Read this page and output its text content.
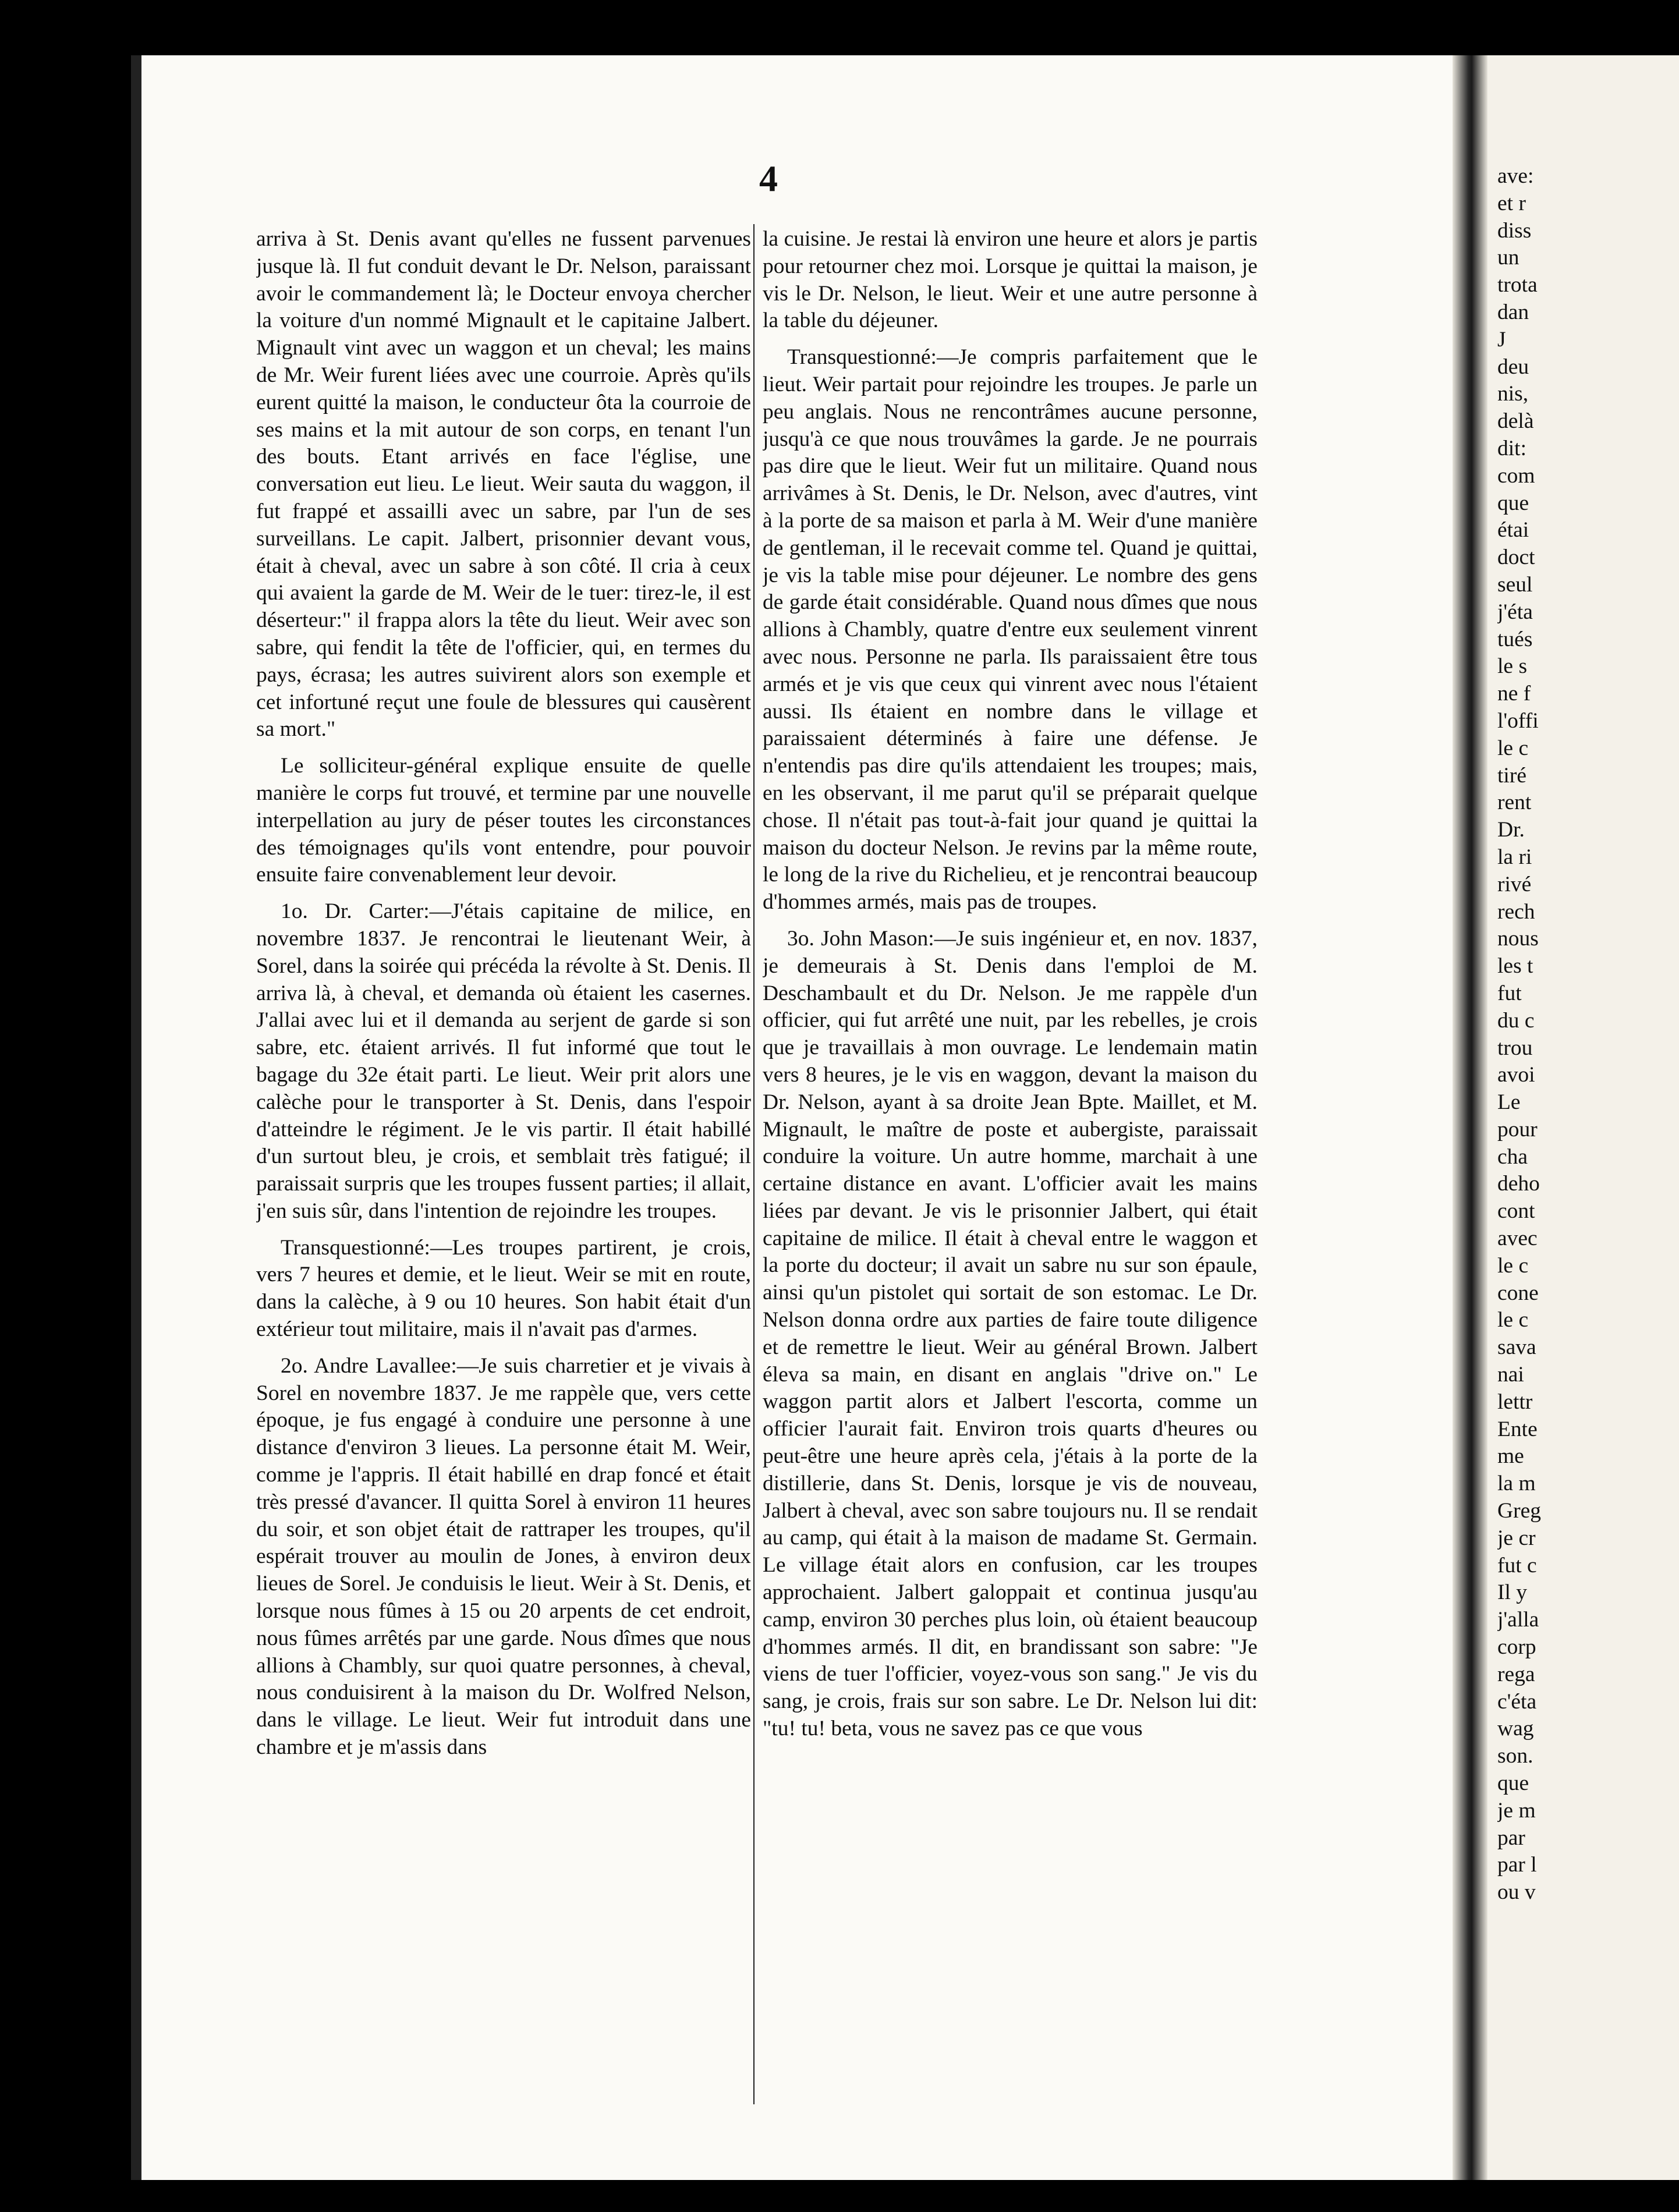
4

arriva à St. Denis avant qu'elles ne fussent parvenues jusque là. Il fut conduit devant le Dr. Nelson, paraissant avoir le commandement là; le Docteur envoya chercher la voiture d'un nommé Mignault et le capitaine Jalbert. Mignault vint avec un waggon et un cheval; les mains de Mr. Weir furent liées avec une courroie. Après qu'ils eurent quitté la maison, le conducteur ôta la courroie de ses mains et la mit autour de son corps, en tenant l'un des bouts. Etant arrivés en face l'église, une conversation eut lieu. Le lieut. Weir sauta du waggon, il fut frappé et assailli avec un sabre, par l'un de ses surveillans. Le capit. Jalbert, prisonnier devant vous, était à cheval, avec un sabre à son côté. Il cria à ceux qui avaient la garde de M. Weir de le tuer: tirez-le, il est déserteur:" il frappa alors la tête du lieut. Weir avec son sabre, qui fendit la tête de l'officier, qui, en termes du pays, écrasa; les autres suivirent alors son exemple et cet infortuné reçut une foule de blessures qui causèrent sa mort."

Le solliciteur-général explique ensuite de quelle manière le corps fut trouvé, et termine par une nouvelle interpellation au jury de péser toutes les circonstances des témoignages qu'ils vont entendre, pour pouvoir ensuite faire convenablement leur devoir.

1o. Dr. Carter:—J'étais capitaine de milice, en novembre 1837. Je rencontrai le lieutenant Weir, à Sorel, dans la soirée qui précéda la révolte à St. Denis. Il arriva là, à cheval, et demanda où étaient les casernes. J'allai avec lui et il demanda au serjent de garde si son sabre, etc. étaient arrivés. Il fut informé que tout le bagage du 32e était parti. Le lieut. Weir prit alors une calèche pour le transporter à St. Denis, dans l'espoir d'atteindre le régiment. Je le vis partir. Il était habillé d'un surtout bleu, je crois, et semblait très fatigué; il paraissait surpris que les troupes fussent parties; il allait, j'en suis sûr, dans l'intention de rejoindre les troupes.

Transquestionné:—Les troupes partirent, je crois, vers 7 heures et demie, et le lieut. Weir se mit en route, dans la calèche, à 9 ou 10 heures. Son habit était d'un extérieur tout militaire, mais il n'avait pas d'armes.

2o. Andre Lavallee:—Je suis charretier et je vivais à Sorel en novembre 1837. Je me rappèle que, vers cette époque, je fus engagé à conduire une personne à une distance d'environ 3 lieues. La personne était M. Weir, comme je l'appris. Il était habillé en drap foncé et était très pressé d'avancer. Il quitta Sorel à environ 11 heures du soir, et son objet était de rattraper les troupes, qu'il espérait trouver au moulin de Jones, à environ deux lieues de Sorel. Je conduisis le lieut. Weir à St. Denis, et lorsque nous fûmes à 15 ou 20 arpents de cet endroit, nous fûmes arrêtés par une garde. Nous dîmes que nous allions à Chambly, sur quoi quatre personnes, à cheval, nous conduisirent à la maison du Dr. Wolfred Nelson, dans le village. Le lieut. Weir fut introduit dans une chambre et je m'assis dans

la cuisine. Je restai là environ une heure et alors je partis pour retourner chez moi. Lorsque je quittai la maison, je vis le Dr. Nelson, le lieut. Weir et une autre personne à la table du déjeuner.

Transquestionné:—Je compris parfaitement que le lieut. Weir partait pour rejoindre les troupes. Je parle un peu anglais. Nous ne rencontrâmes aucune personne, jusqu'à ce que nous trouvâmes la garde. Je ne pourrais pas dire que le lieut. Weir fut un militaire. Quand nous arrivâmes à St. Denis, le Dr. Nelson, avec d'autres, vint à la porte de sa maison et parla à M. Weir d'une manière de gentleman, il le recevait comme tel. Quand je quittai, je vis la table mise pour déjeuner. Le nombre des gens de garde était considérable. Quand nous dîmes que nous allions à Chambly, quatre d'entre eux seulement vinrent avec nous. Personne ne parla. Ils paraissaient être tous armés et je vis que ceux qui vinrent avec nous l'étaient aussi. Ils étaient en nombre dans le village et paraissaient déterminés à faire une défense. Je n'entendis pas dire qu'ils attendaient les troupes; mais, en les observant, il me parut qu'il se préparait quelque chose. Il n'était pas tout-à-fait jour quand je quittai la maison du docteur Nelson. Je revins par la même route, le long de la rive du Richelieu, et je rencontrai beaucoup d'hommes armés, mais pas de troupes.

3o. John Mason:—Je suis ingénieur et, en nov. 1837, je demeurais à St. Denis dans l'emploi de M. Deschambault et du Dr. Nelson. Je me rappèle d'un officier, qui fut arrêté une nuit, par les rebelles, je crois que je travaillais à mon ouvrage. Le lendemain matin vers 8 heures, je le vis en waggon, devant la maison du Dr. Nelson, ayant à sa droite Jean Bpte. Maillet, et M. Mignault, le maître de poste et aubergiste, paraissait conduire la voiture. Un autre homme, marchait à une certaine distance en avant. L'officier avait les mains liées par devant. Je vis le prisonnier Jalbert, qui était capitaine de milice. Il était à cheval entre le waggon et la porte du docteur; il avait un sabre nu sur son épaule, ainsi qu'un pistolet qui sortait de son estomac. Le Dr. Nelson donna ordre aux parties de faire toute diligence et de remettre le lieut. Weir au général Brown. Jalbert éleva sa main, en disant en anglais "drive on." Le waggon partit alors et Jalbert l'escorta, comme un officier l'aurait fait. Environ trois quarts d'heures ou peut-être une heure après cela, j'étais à la porte de la distillerie, dans St. Denis, lorsque je vis de nouveau, Jalbert à cheval, avec son sabre toujours nu. Il se rendait au camp, qui était à la maison de madame St. Germain. Le village était alors en confusion, car les troupes approchaient. Jalbert galoppait et continua jusqu'au camp, environ 30 perches plus loin, où étaient beaucoup d'hommes armés. Il dit, en brandissant son sabre: "Je viens de tuer l'officier, voyez-vous son sang." Je vis du sang, je crois, frais sur son sabre. Le Dr. Nelson lui dit: "tu! tu! beta, vous ne savez pas ce que vous

ave:
et r
diss
un
trota
dan
J
deu
nis,
delà
dit:
com
que
étai
doct
seul
j'éta
tués
le s
ne f
l'offi
le c
tiré
rent
Dr.
la ri
rivé
rech
nous
les t
fut
du c
trou
avoi
Le
pour
cha
deho
cont
avec
le c
cone
le c
sava
nai
lettr
Ente
me
la m
Greg
je cr
fut c
Il y
j'alla
corp
rega
c'éta
wag
son.
que
je m
par
par l
ou v
